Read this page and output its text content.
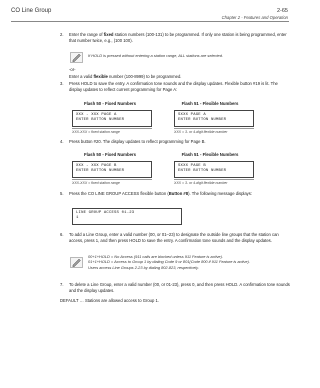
CO Line Group	2-65
Chapter 2 - Features and Operation
2. Enter the range of fixed station numbers (100-131) to be programmed. If only one station is being programmed, enter that number twice, e.g., (100 100).
If HOLD is pressed without entering a station range, ALL stations are selected.
-or-
Enter a valid flexible number (100-8999) to be programmed.
3. Press HOLD to save the entry. A confirmation tone sounds and the display updates. Flexible button #19 is lit. The display updates to reflect current programming for Page A:
Flash 50 - Fixed Numbers	Flash 51 - Flexible Numbers
XXX - XXX PAGE A
ENTER BUTTON NUMBER
SXXX PAGE A
ENTER BUTTON NUMBER
XXX-XXX = fixed station range	XXX = 3- or 4-digit flexible number
4. Press button #20. The display updates to reflect programming for Page B.
Flash 50 - Fixed Numbers	Flash 51 - Flexible Numbers
XXX - XXX PAGE B
ENTER BUTTON NUMBER
SXXX PAGE B
ENTER BUTTON NUMBER
XXX-XXX = fixed station range	XXX = 3- or 4-digit flexible number
5. Press the CO LINE GROUP ACCESS flexible button (Button #8). The following message displays:
LINE GROUP ACCESS 01-23
1
6. To add a Line Group, enter a valid number (00, or 01–23) to designate the outside line groups that the station can access, press 1, and then press HOLD to save the entry. A confirmation tone sounds and the display updates.
00+1+HOLD = No Access (911 calls are blocked unless 911 Feature is active).
01+1+HOLD = Access to Group 1 by dialing Code 9 or 801(Code 800 if 911 Feature is active).
Users access Line Groups 2-23 by dialing 802-823, respectively.
7. To delete a Line Group, enter a valid number (00, or 01-23), press 0, and then press HOLD. A confirmation tone sounds and the display updates.
DEFAULT … Stations are allowed access to Group 1.
